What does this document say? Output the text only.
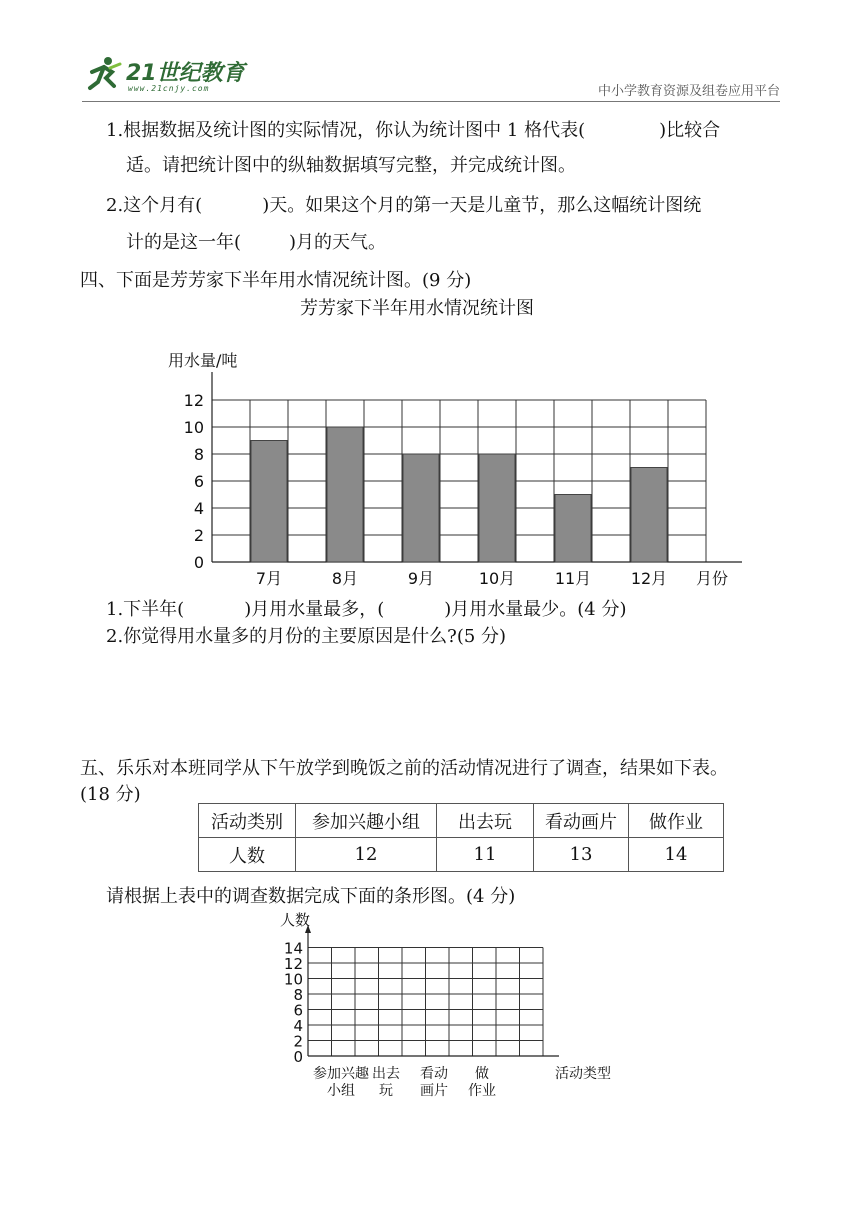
21世纪教育
www.21cnjy.com	中小学教育资源及组卷应用平台
1.根据数据及统计图的实际情况，你认为统计图中 1 格代表(	)比较合
适。请把统计图中的纵轴数据填写完整，并完成统计图。
2.这个月有(	)天。如果这个月的第一天是儿童节，那么这幅统计图统
计的是这一年(	)月的天气。
四、下面是芳芳家下半年用水情况统计图。(9 分)
芳芳家下半年用水情况统计图
用水量/吨
0
2
4
6
8
10
12
7月	8月	9月	10月 11月 12月 月份
1.下半年(	)月用水量最多，(	)月用水量最少。(4 分)
2.你觉得用水量多的月份的主要原因是什么?(5 分)
五、乐乐对本班同学从下午放学到晚饭之前的活动情况进行了调查，结果如下表。
(18 分)
活动类别	参加兴趣小组	出去玩	看动画片	做作业
人数	12	11	13	14
请根据上表中的调查数据完成下面的条形图。(4 分)
人数
0
2
4
6
8
10
12
14
参加兴趣
小组
出去
玩
看动
画片
做
作业
活动类型
